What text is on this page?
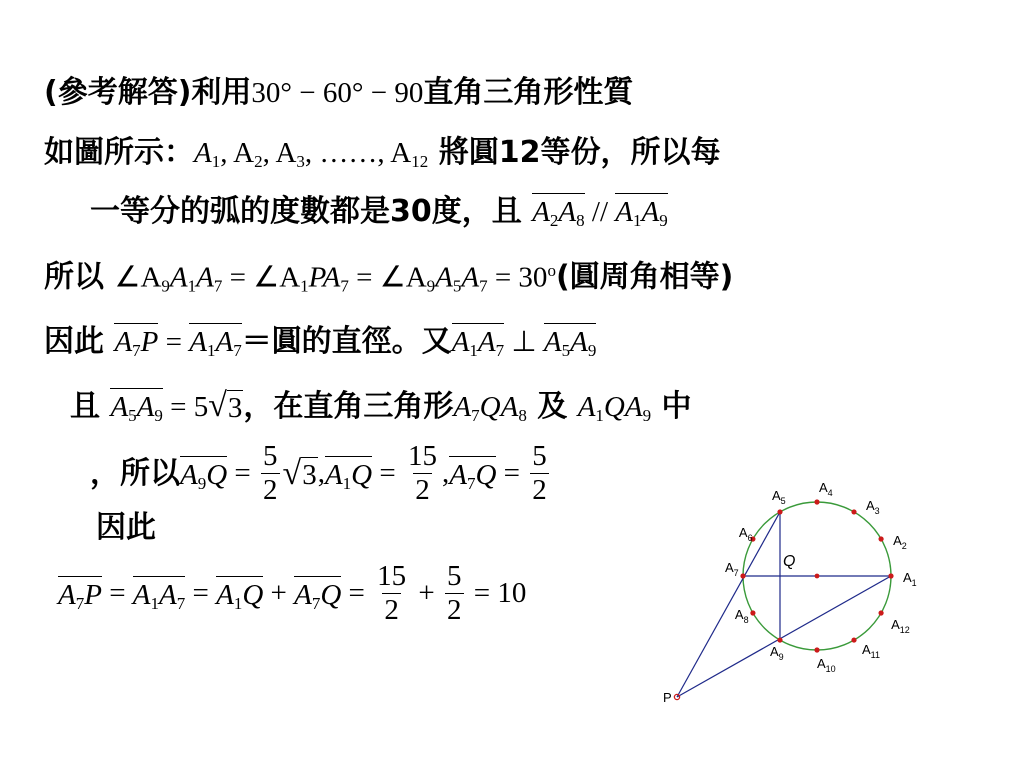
(參考解答)利用30° − 60° − 90直角三角形性質
如圖所示：$A_1$, $A_2$, $A_3$, ……, $A_{12}$ 將圓12等份，所以每
一等分的弧的度數都是30度，且 $A_2A_8 // A_1A_9$
所以 $\angle A_9A_1A_7$ = $\angle A_1PA_7$ = $\angle A_9A_5A_7 = 30^o$(圓周角相等)
因此 $A_7P = A_1A_7=$圓的直徑。又$A_1A_7$ ⊥ $A_5A_9$
且 $A_5A_9 = 5$ √ 3 ，在直角三角形$A_7QA_8$ 及 $A_1QA_9$ 中
，所以 $A_9Q = \frac{5}{2}$ √ 3 , $A_1Q = \frac{15}{2}$ , $A_7Q = \frac{5}{2}$
因此
$A_7P = A_1A_7 = A_1Q + A_7Q = \frac{15}{2} + \frac{5}{2} = 10$	$A_1$
$A_2$
$A_3$
$A_4$
$A_5$
$A_6$
$A_7$
$A_8$
$A_9$	$A_{10}$
$A_{11}$
$A_{12}$
Q
P
